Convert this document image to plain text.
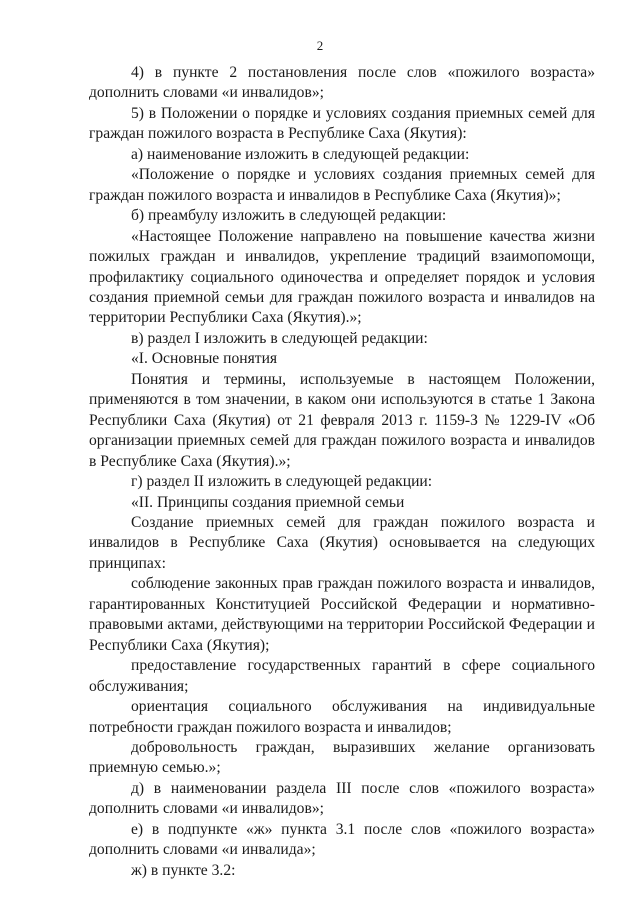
2

4) в пункте 2 постановления после слов «пожилого возраста» дополнить словами «и инвалидов»;

5) в Положении о порядке и условиях создания приемных семей для граждан пожилого возраста в Республике Саха (Якутия):

а) наименование изложить в следующей редакции:

«Положение о порядке и условиях создания приемных семей для граждан пожилого возраста и инвалидов в Республике Саха (Якутия)»;

б) преамбулу изложить в следующей редакции:

«Настоящее Положение направлено на повышение качества жизни пожилых граждан и инвалидов, укрепление традиций взаимопомощи, профилактику социального одиночества и определяет порядок и условия создания приемной семьи для граждан пожилого возраста и инвалидов на территории Республики Саха (Якутия).»;

в) раздел I изложить в следующей редакции:

«I. Основные понятия

Понятия и термины, используемые в настоящем Положении, применяются в том значении, в каком они используются в статье 1 Закона Республики Саха (Якутия) от 21 февраля 2013 г. 1159-З № 1229-IV «Об организации приемных семей для граждан пожилого возраста и инвалидов в Республике Саха (Якутия).»;

г) раздел II изложить в следующей редакции:

«II. Принципы создания приемной семьи

Создание приемных семей для граждан пожилого возраста и инвалидов в Республике Саха (Якутия) основывается на следующих принципах:

соблюдение законных прав граждан пожилого возраста и инвалидов, гарантированных Конституцией Российской Федерации и нормативно-правовыми актами, действующими на территории Российской Федерации и Республики Саха (Якутия);

предоставление государственных гарантий в сфере социального обслуживания;

ориентация социального обслуживания на индивидуальные потребности граждан пожилого возраста и инвалидов;

добровольность граждан, выразивших желание организовать приемную семью.»;

д) в наименовании раздела III после слов «пожилого возраста» дополнить словами «и инвалидов»;

е) в подпункте «ж» пункта 3.1 после слов «пожилого возраста» дополнить словами «и инвалида»;

ж) в пункте 3.2:
